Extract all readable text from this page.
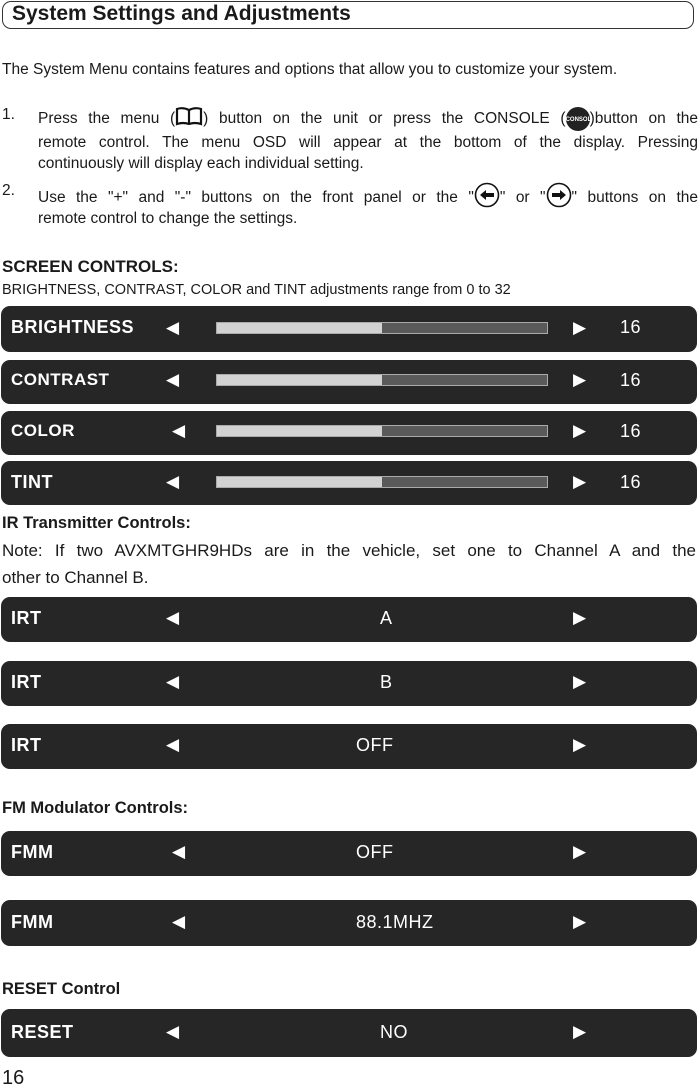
System Settings and Adjustments
The System Menu contains features and options that allow you to customize your system.
1. Press the menu ( ) button on the unit or press the CONSOLE (CONSOLE)button on the
remote control. The menu OSD will appear at the bottom of the display. Pressing
continuously will display each individual setting.
2. Use the "+" and "-" buttons on the front panel or the " " or " " buttons on the
remote control to change the settings.
SCREEN CONTROLS:
BRIGHTNESS, CONTRAST, COLOR and TINT adjustments range from 0 to 32
BRIGHTNESS ◀	▶ 16
CONTRAST	◀	▶ 16
COLOR	◀	▶ 16
TINT	◀	▶ 16
IR Transmitter Controls:
Note: If two AVXMTGHR9HDs are in the vehicle, set one to Channel A and the
other to Channel B.
IRT	◀	A	▶
IRT	◀	B	▶
IRT	◀	OFF	▶
FM Modulator Controls:
FMM	◀	OFF	▶
FMM	◀	88.1MHZ	▶
RESET Control
RESET	◀	NO	▶
16
